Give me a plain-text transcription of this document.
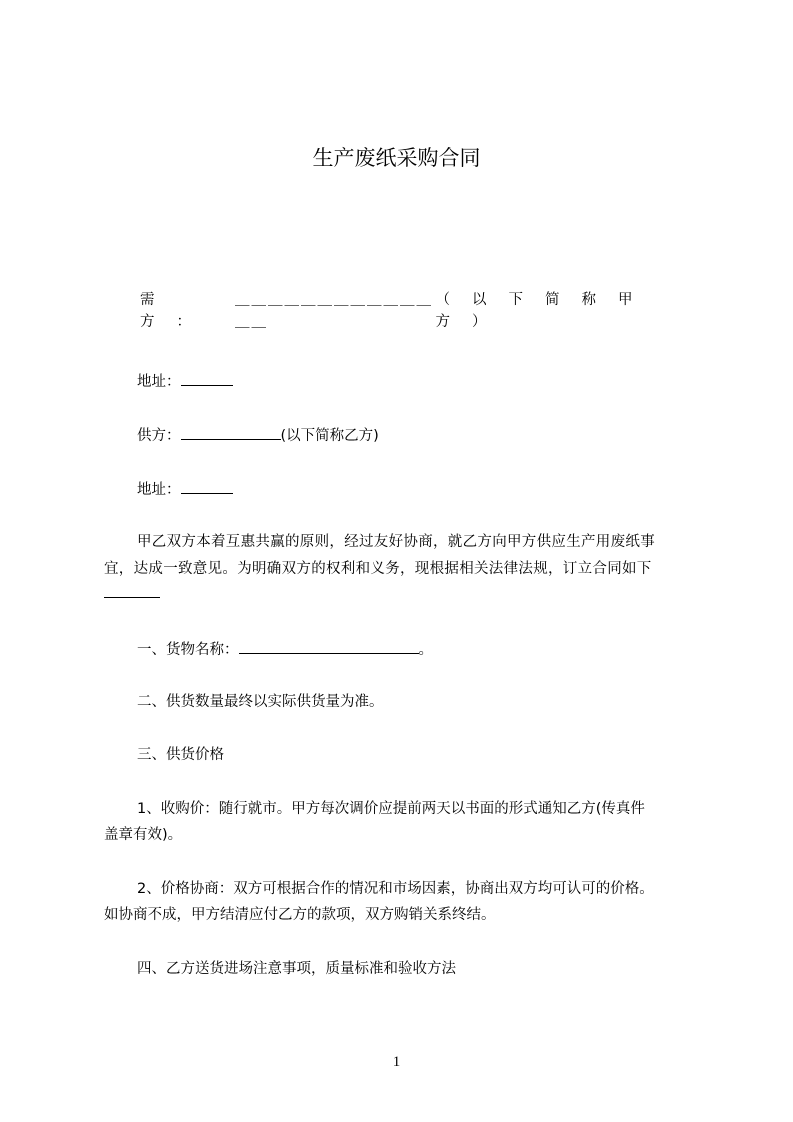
生产废纸采购合同
需方：
＿＿＿＿＿＿＿＿＿＿＿＿＿＿
（以下简称甲方）
地址：
供方：	(以下简称乙方)
地址：
甲乙双方本着互惠共赢的原则，经过友好协商，就乙方向甲方供应生产用废纸事
宜，达成一致意见。为明确双方的权利和义务，现根据相关法律法规，订立合同如下
一、货物名称：	。
二、供货数量最终以实际供货量为准。
三、供货价格
1、收购价：随行就市。甲方每次调价应提前两天以书面的形式通知乙方(传真件
盖章有效)。
2、价格协商：双方可根据合作的情况和市场因素，协商出双方均可认可的价格。
如协商不成，甲方结清应付乙方的款项，双方购销关系终结。
四、乙方送货进场注意事项，质量标准和验收方法
1
